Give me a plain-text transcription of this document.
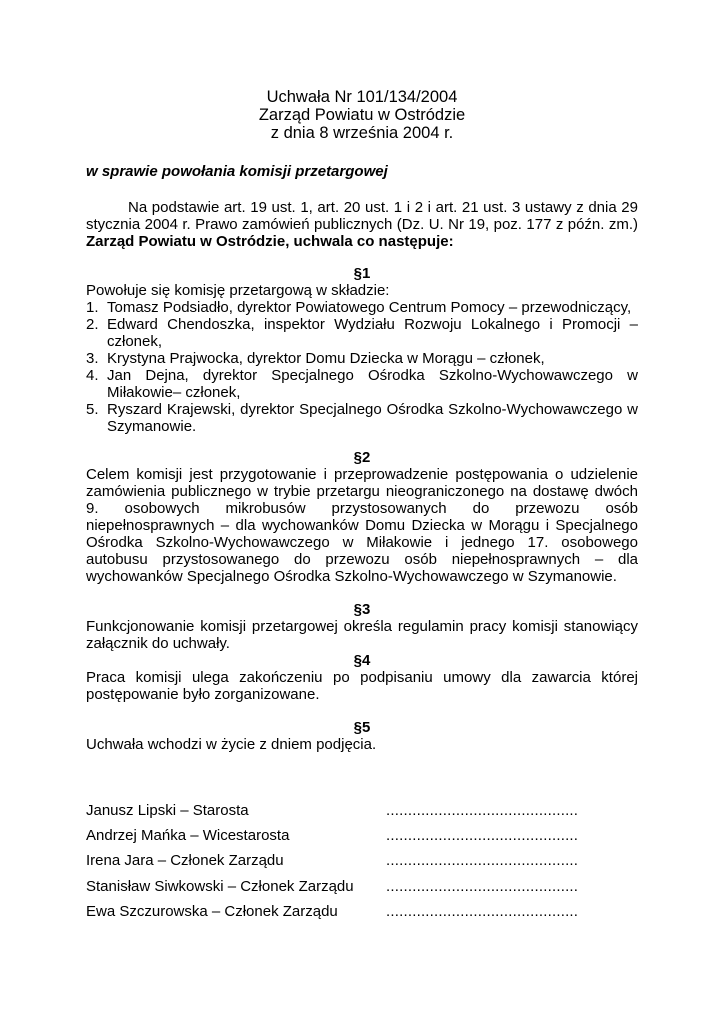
Uchwała Nr 101/134/2004
Zarząd Powiatu w Ostródzie
z dnia 8 września 2004 r.
w sprawie powołania komisji przetargowej
Na podstawie art. 19 ust. 1, art. 20 ust. 1 i 2 i art. 21 ust. 3 ustawy z dnia 29 stycznia 2004 r. Prawo zamówień publicznych (Dz. U. Nr 19, poz. 177 z późn. zm.) Zarząd Powiatu w Ostródzie, uchwala co następuje:
§1
Powołuje się komisję przetargową w składzie:
1. Tomasz Podsiadło, dyrektor Powiatowego Centrum Pomocy – przewodniczący,
2. Edward Chendoszka, inspektor Wydziału Rozwoju Lokalnego i Promocji – członek,
3. Krystyna Prajwocka, dyrektor Domu Dziecka w Morągu – członek,
4. Jan Dejna, dyrektor Specjalnego Ośrodka Szkolno-Wychowawczego w Miłakowie– członek,
5. Ryszard Krajewski, dyrektor Specjalnego Ośrodka Szkolno-Wychowawczego w Szymanowie.
§2
Celem komisji jest przygotowanie i przeprowadzenie postępowania o udzielenie zamówienia publicznego w trybie przetargu nieograniczonego na dostawę dwóch 9. osobowych mikrobusów przystosowanych do przewozu osób niepełnosprawnych – dla wychowanków Domu Dziecka w Morągu i Specjalnego Ośrodka Szkolno-Wychowawczego w Miłakowie i jednego 17. osobowego autobusu przystosowanego do przewozu osób niepełnosprawnych – dla wychowanków Specjalnego Ośrodka Szkolno-Wychowawczego w Szymanowie.
§3
Funkcjonowanie komisji przetargowej określa regulamin pracy komisji stanowiący załącznik do uchwały.
§4
Praca komisji ulega zakończeniu po podpisaniu umowy dla zawarcia której postępowanie było zorganizowane.
§5
Uchwała wchodzi w życie z dniem podjęcia.
Janusz Lipski – Starosta	............................................
Andrzej Mańka – Wicestarosta	............................................
Irena Jara – Członek Zarządu	............................................
Stanisław Siwkowski – Członek Zarządu ............................................
Ewa Szczurowska – Członek Zarządu	............................................
